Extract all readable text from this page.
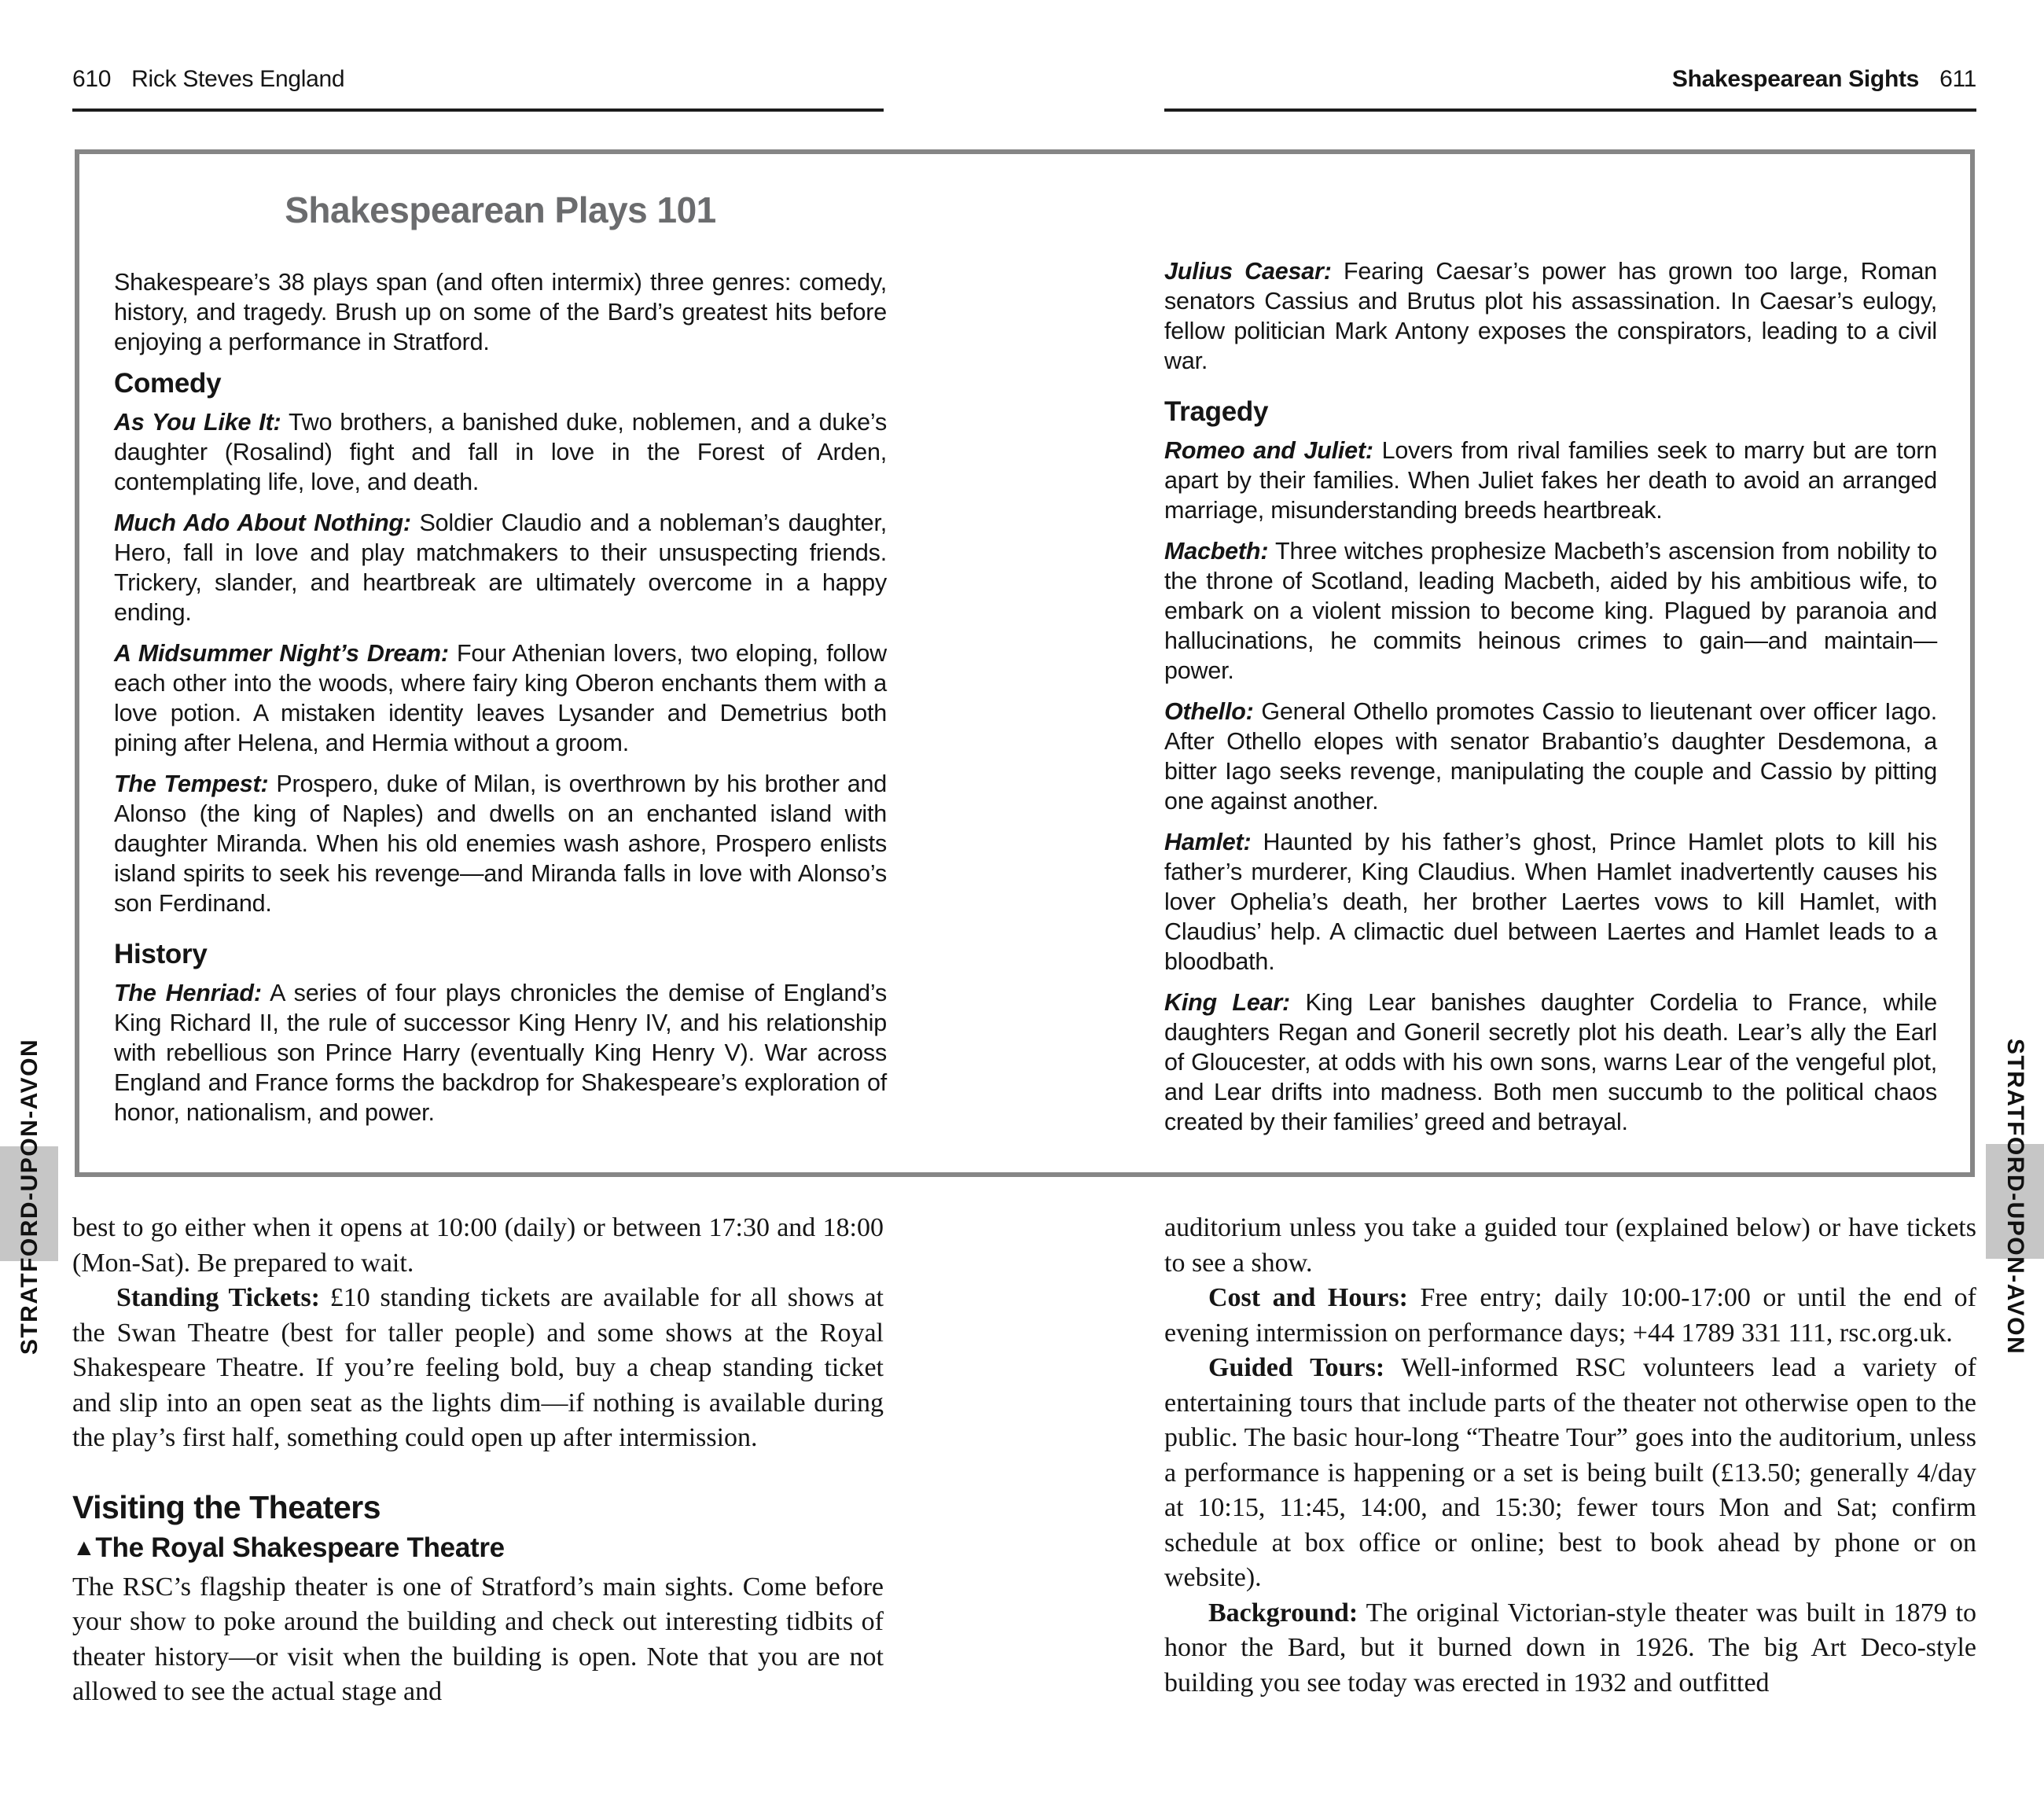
610 Rick Steves England	Shakespearean Sights 611
STRATFORD-UPON-AVON	STRATFORD-UPON-AVON
Shakespearean Plays 101

Shakespeare’s 38 plays span (and often intermix) three genres: comedy, history, and tragedy. Brush up on some of the Bard’s greatest hits before enjoying a performance in Stratford.

Comedy

As You Like It: Two brothers, a banished duke, noblemen, and a duke’s daughter (Rosalind) fight and fall in love in the Forest of Arden, contemplating life, love, and death.

Much Ado About Nothing: Soldier Claudio and a nobleman’s daughter, Hero, fall in love and play matchmakers to their unsuspecting friends. Trickery, slander, and heartbreak are ultimately overcome in a happy ending.

A Midsummer Night’s Dream: Four Athenian lovers, two eloping, follow each other into the woods, where fairy king Oberon enchants them with a love potion. A mistaken identity leaves Lysander and Demetrius both pining after Helena, and Hermia without a groom.

The Tempest: Prospero, duke of Milan, is overthrown by his brother and Alonso (the king of Naples) and dwells on an enchanted island with daughter Miranda. When his old enemies wash ashore, Prospero enlists island spirits to seek his revenge—and Miranda falls in love with Alonso’s son Ferdinand.

History

The Henriad: A series of four plays chronicles the demise of England’s King Richard II, the rule of successor King Henry IV, and his relationship with rebellious son Prince Harry (eventually King Henry V). War across England and France forms the backdrop for Shakespeare’s exploration of honor, nationalism, and power.

Julius Caesar: Fearing Caesar’s power has grown too large, Roman senators Cassius and Brutus plot his assassination. In Caesar’s eulogy, fellow politician Mark Antony exposes the conspirators, leading to a civil war.

Tragedy

Romeo and Juliet: Lovers from rival families seek to marry but are torn apart by their families. When Juliet fakes her death to avoid an arranged marriage, misunderstanding breeds heartbreak.

Macbeth: Three witches prophesize Macbeth’s ascension from nobility to the throne of Scotland, leading Macbeth, aided by his ambitious wife, to embark on a violent mission to become king. Plagued by paranoia and hallucinations, he commits heinous crimes to gain—and maintain—power.

Othello: General Othello promotes Cassio to lieutenant over officer Iago. After Othello elopes with senator Brabantio’s daughter Desdemona, a bitter Iago seeks revenge, manipulating the couple and Cassio by pitting one against another.

Hamlet: Haunted by his father’s ghost, Prince Hamlet plots to kill his father’s murderer, King Claudius. When Hamlet inadvertently causes his lover Ophelia’s death, her brother Laertes vows to kill Hamlet, with Claudius’ help. A climactic duel between Laertes and Hamlet leads to a bloodbath.

King Lear: King Lear banishes daughter Cordelia to France, while daughters Regan and Goneril secretly plot his death. Lear’s ally the Earl of Gloucester, at odds with his own sons, warns Lear of the vengeful plot, and Lear drifts into madness. Both men succumb to the political chaos created by their families’ greed and betrayal.

best to go either when it opens at 10:00 (daily) or between 17:30 and 18:00 (Mon-Sat). Be prepared to wait.

Standing Tickets: £10 standing tickets are available for all shows at the Swan Theatre (best for taller people) and some shows at the Royal Shakespeare Theatre. If you’re feeling bold, buy a cheap standing ticket and slip into an open seat as the lights dim—if nothing is available during the play’s first half, something could open up after intermission.

Visiting the Theaters
▲The Royal Shakespeare Theatre

The RSC’s flagship theater is one of Stratford’s main sights. Come before your show to poke around the building and check out interesting tidbits of theater history—or visit when the building is open. Note that you are not allowed to see the actual stage and

auditorium unless you take a guided tour (explained below) or have tickets to see a show.

Cost and Hours: Free entry; daily 10:00-17:00 or until the end of evening intermission on performance days; +44 1789 331 111, rsc.org.uk.

Guided Tours: Well-informed RSC volunteers lead a variety of entertaining tours that include parts of the theater not otherwise open to the public. The basic hour-long “Theatre Tour” goes into the auditorium, unless a performance is happening or a set is being built (£13.50; generally 4/day at 10:15, 11:45, 14:00, and 15:30; fewer tours Mon and Sat; confirm schedule at box office or online; best to book ahead by phone or on website).

Background: The original Victorian-style theater was built in 1879 to honor the Bard, but it burned down in 1926. The big Art Deco-style building you see today was erected in 1932 and outfitted
